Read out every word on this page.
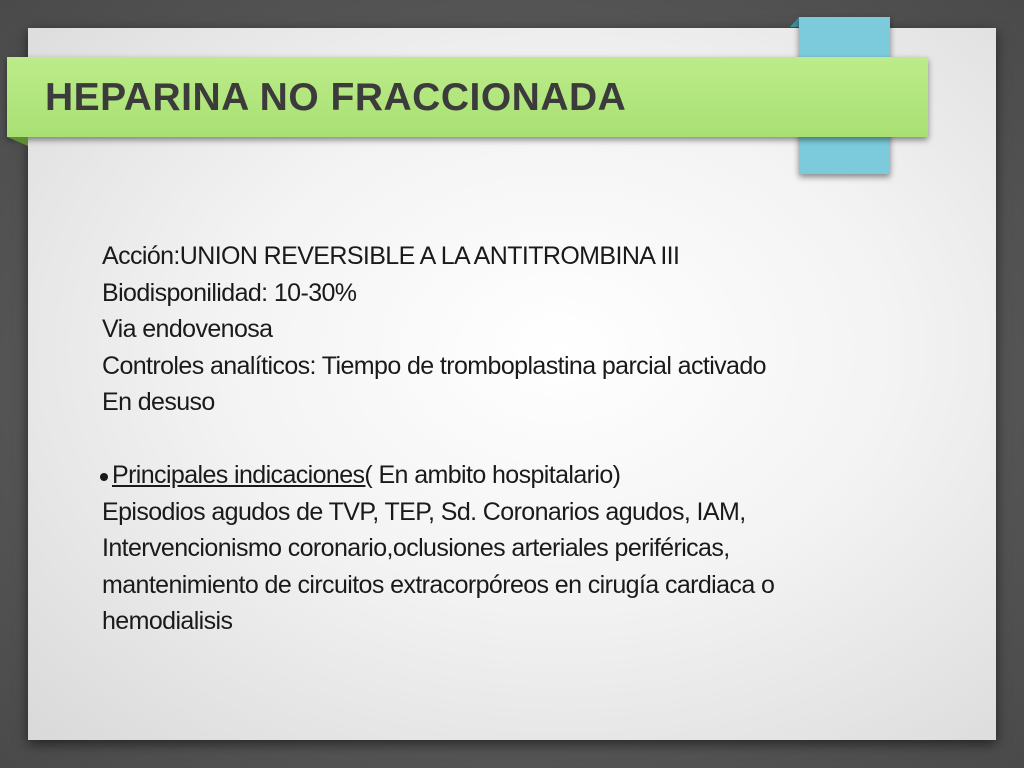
HEPARINA NO FRACCIONADA
Acción:UNION REVERSIBLE A LA ANTITROMBINA III
Biodisponilidad: 10-30%
Via endovenosa
Controles analíticos: Tiempo de tromboplastina parcial activado
En desuso
Principales indicaciones( En ambito hospitalario)
Episodios agudos de TVP, TEP, Sd. Coronarios agudos, IAM,
Intervencionismo coronario,oclusiones arteriales periféricas,
mantenimiento de circuitos extracorpóreos en cirugía cardiaca o
hemodialisis
